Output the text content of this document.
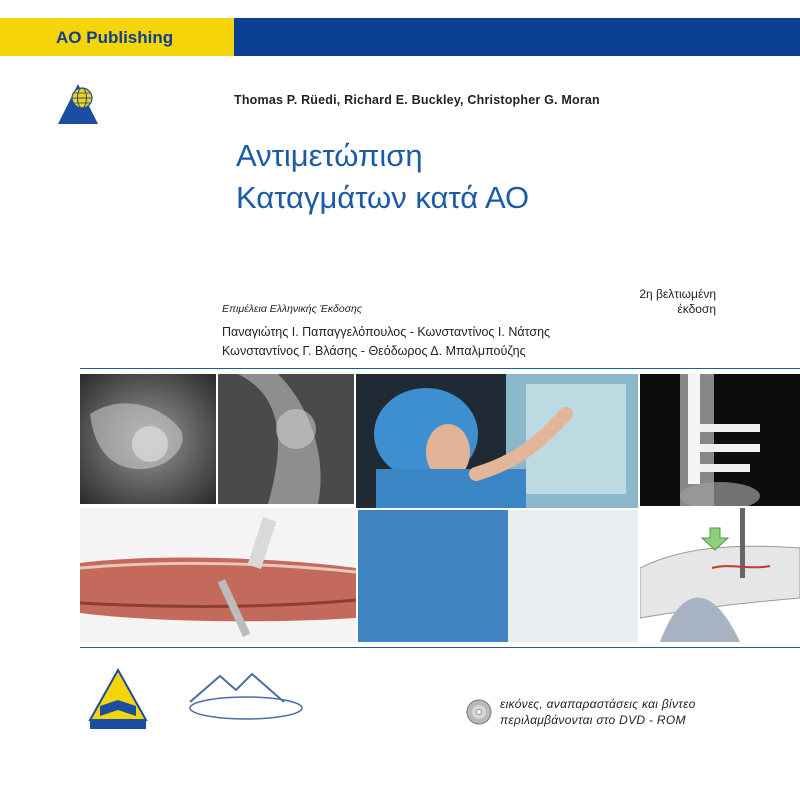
AO Publishing
Thomas P. Rüedi, Richard E. Buckley, Christopher G. Moran
Αντιμετώπιση
Καταγμάτων κατά ΑΟ
2η βελτιωμένη
έκδοση
Επιμέλεια Ελληνικής Έκδοσης
Παναγιώτης Ι. Παπαγγελόπουλος - Κωνσταντίνος Ι. Νάτσης
Κωνσταντίνος Γ. Βλάσης - Θεόδωρος Δ. Μπαλμπούζης
εικόνες, αναπαραστάσεις και βίντεο
περιλαμβάνονται στο DVD - ROM
